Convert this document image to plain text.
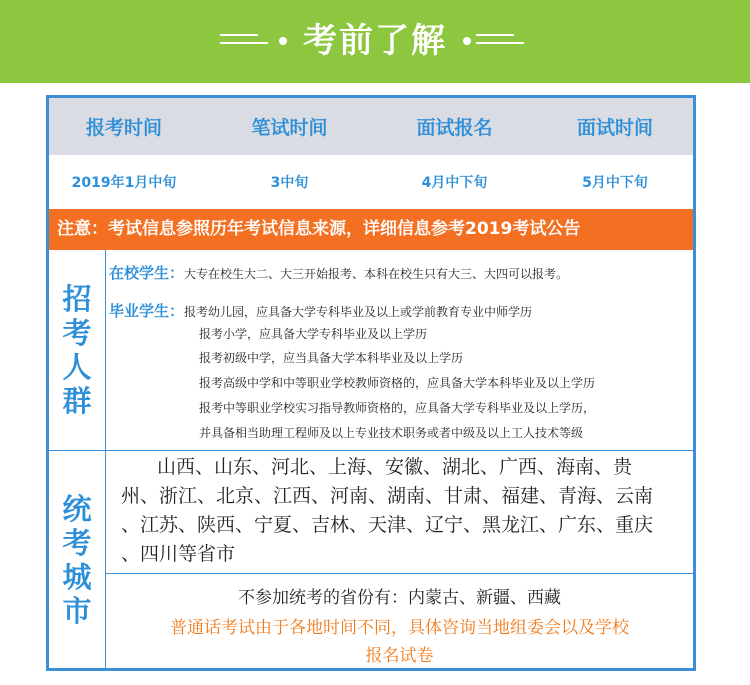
考前了解
报考时间	笔试时间	面试报名	面试时间
2019年1月中旬	3中旬	4月中下旬	5月中下旬
注意：考试信息参照历年考试信息来源，详细信息参考2019考试公告
招考人群
在校学生：大专在校生大二、大三开始报考、本科在校生只有大三、大四可以报考。
毕业学生：报考幼儿园，应具备大学专科毕业及以上或学前教育专业中师学历
报考小学，应具备大学专科毕业及以上学历
报考初级中学，应当具备大学本科毕业及以上学历
报考高级中学和中等职业学校教师资格的，应具备大学本科毕业及以上学历
报考中等职业学校实习指导教师资格的，应具备大学专科毕业及以上学历，
并具备相当助理工程师及以上专业技术职务或者中级及以上工人技术等级
统考城市
山西、山东、河北、上海、安徽、湖北、广西、海南、贵
州、浙江、北京、江西、河南、湖南、甘肃、福建、青海、云南
、江苏、陕西、宁夏、吉林、天津、辽宁、黑龙江、广东、重庆
、四川等省市
不参加统考的省份有：内蒙古、新疆、西藏
普通话考试由于各地时间不同，具体咨询当地组委会以及学校
报名试卷
